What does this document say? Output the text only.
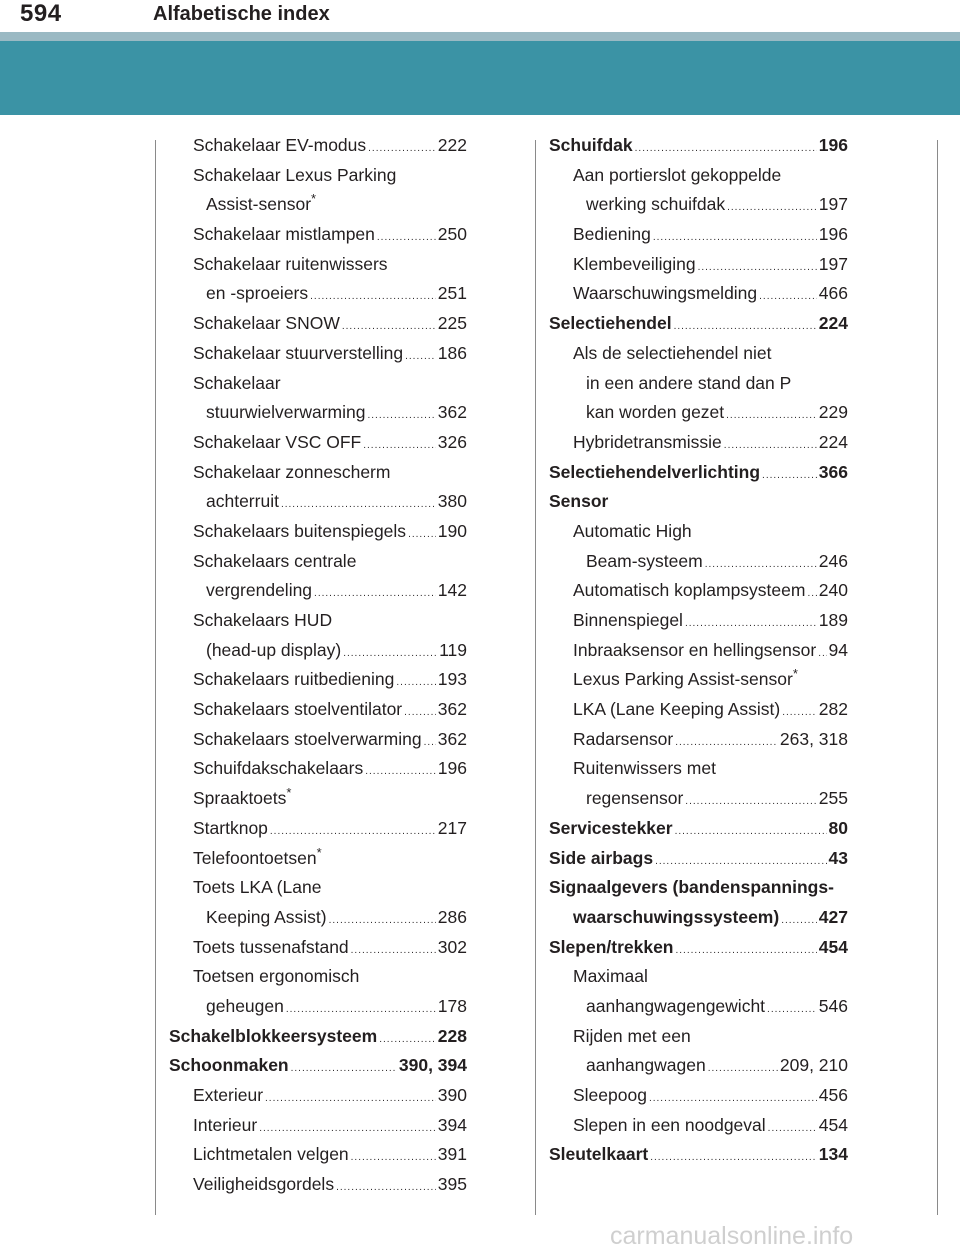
594	Alfabetische index
Schakelaar EV-modus .....	222
Schakelaar Lexus Parking
Assist-sensor*
Schakelaar mistlampen .....	250
Schakelaar ruitenwissers
en -sproeiers .....	251
Schakelaar SNOW .....	225
Schakelaar stuurverstelling ..... 186
Schakelaar
stuurwielverwarming .....	362
Schakelaar VSC OFF .....	326
Schakelaar zonnescherm
achterruit .....	380
Schakelaars buitenspiegels ..... 190
Schakelaars centrale
vergrendeling .....	142
Schakelaars HUD
(head-up display) .....	119
Schakelaars ruitbediening ..... 193
Schakelaars stoelventilator ..... 362
Schakelaars stoelverwarming ..... 362
Schuifdakschakelaars .....	196
Spraaktoets*
Startknop .....	217
Telefoontoetsen*
Toets LKA (Lane
Keeping Assist) .....	286
Toets tussenafstand .....	302
Toetsen ergonomisch
geheugen .....	178
Schakelblokkeersysteem .....	228
Schoonmaken .....	390, 394
Exterieur .....	390
Interieur .....	394
Lichtmetalen velgen .....	391
Veiligheidsgordels .....	395
Schuifdak .....	196
Aan portierslot gekoppelde
werking schuifdak .....	197
Bediening .....	196
Klembeveiliging .....	197
Waarschuwingsmelding .....	466
Selectiehendel .....	224
Als de selectiehendel niet
in een andere stand dan P
kan worden gezet .....	229
Hybridetransmissie .....	224
Selectiehendelverlichting .....	366
Sensor
Automatic High
Beam-systeem .....	246
Automatisch koplampsysteem ..... 240
Binnenspiegel .....	189
Inbraaksensor en hellingsensor ..... 94
Lexus Parking Assist-sensor*
LKA (Lane Keeping Assist) ..... 282
Radarsensor .....	263, 318
Ruitenwissers met
regensensor .....	255
Servicestekker .....	80
Side airbags .....	43
Signaalgevers (bandenspannings-
waarschuwingssysteem) ..... 427
Slepen/trekken .....	454
Maximaal
aanhangwagengewicht .....	546
Rijden met een
aanhangwagen .....	209, 210
Sleepoog .....	456
Slepen in een noodgeval .....	454
Sleutelkaart .....	134
carmanualsonline.info
